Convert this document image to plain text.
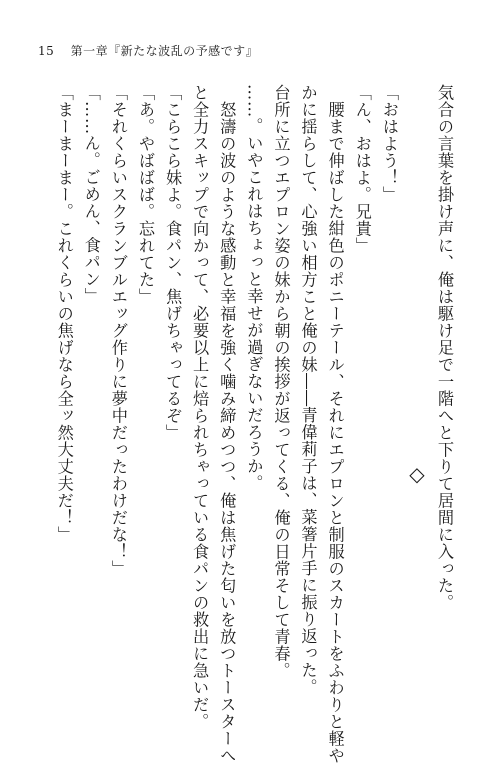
15 第一章『新たな波乱の予感です』
気合の言葉を掛け声に、俺は駆け足で一階へと下りて居間に入った。
◇
「おはよう！」
「ん、おはよ。兄貴」
　腰まで伸ばした紺色のポニーテール、それにエプロンと制服のスカートをふわりと軽や
かに揺らして、心強い相方こと俺の妹――青偉莉子は、菜箸片手に振り返った。
台所に立つエプロン姿の妹から朝の挨拶が返ってくる、俺の日常そして青春。
……。いやこれはちょっと幸せが過ぎないだろうか。
　怒濤の波のような感動と幸福を強く噛み締めつつ、俺は焦げた匂いを放つトースターへ
と全力スキップで向かって、必要以上に焙られちゃっている食パンの救出に急いだ。
「こらこら妹よ。食パン、焦げちゃってるぞ」
「あ。やばばば。忘れてた」
「それくらいスクランブルエッグ作りに夢中だったわけだな！」
「……ん。ごめん、食パン」
「まーまーまー。これくらいの焦げなら全ッ然大丈夫だ！」
